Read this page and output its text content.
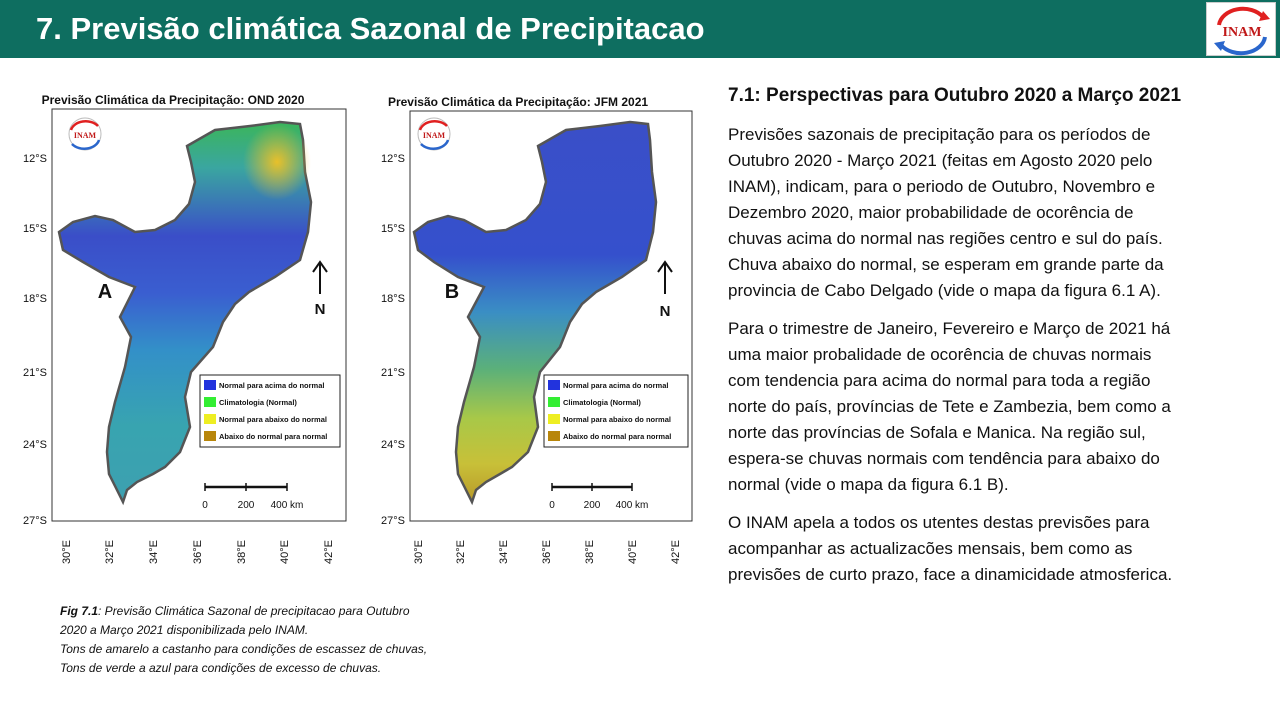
7. Previsão climática Sazonal de Precipitacao	INAM
Previsão Climática da Precipitação: OND 2020
INAM
12°S
15°S
18°S
21°S
24°S
27°S
30°E	32°E	34°E	36°E	38°E	40°E	42°E
A
N
Normal para acima do normal
Climatologia (Normal)
Normal para abaixo do normal
Abaixo do normal para normal
0	200 400 km
Previsão Climática da Precipitação: JFM 2021
INAM
12°S
15°S
18°S
21°S
24°S
27°S
30°E	32°E	34°E	36°E	38°E	40°E	42°E
B
N
Normal para acima do normal
Climatologia (Normal)
Normal para abaixo do normal
Abaixo do normal para normal
0	200 400 km

Fig 7.1: Previsão Climática Sazonal de precipitacao para Outubro

2020 a Março 2021 disponibilizada pelo INAM.

Tons de amarelo a castanho para condições de escassez de chuvas,

Tons de verde a azul para condições de excesso de chuvas.

7.1: Perspectivas para Outubro 2020 a Março 2021
Previsões sazonais de precipitação para os períodos de
Outubro 2020 - Março 2021 (feitas em Agosto 2020 pelo
INAM), indicam, para o periodo de Outubro, Novembro e
Dezembro 2020, maior probabilidade de ocorência de
chuvas acima do normal nas regiões centro e sul do país.
Chuva abaixo do normal, se esperam em grande parte da
provincia de Cabo Delgado (vide o mapa da figura 6.1 A).
Para o trimestre de Janeiro, Fevereiro e Março de 2021 há
uma maior probalidade de ocorência de chuvas normais
com tendencia para acima do normal para toda a região
norte do país, províncias de Tete e Zambezia, bem como a
norte das províncias de Sofala e Manica. Na região sul,
espera-se chuvas normais com tendência para abaixo do
normal (vide o mapa da figura 6.1 B).
O INAM apela a todos os utentes destas previsões para
acompanhar as actualizacões mensais, bem como as
previsões de curto prazo, face a dinamicidade atmosferica.
